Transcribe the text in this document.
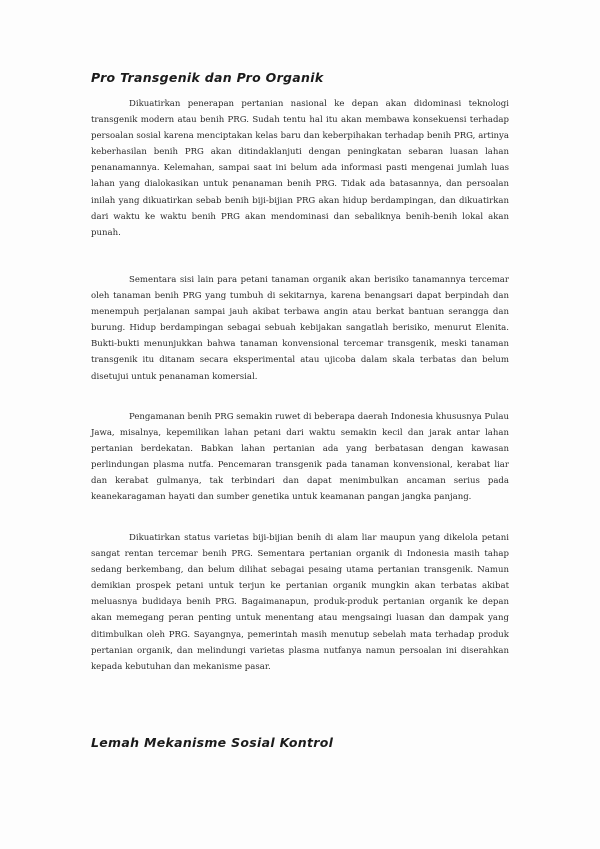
Pro Transgenik dan Pro Organik

Dikuatirkan penerapan pertanian nasional ke depan akan didominasi teknologi transgenik modern atau benih PRG. Sudah tentu hal itu akan membawa konsekuensi terhadap persoalan sosial karena menciptakan kelas baru dan keberpihakan terhadap benih PRG, artinya keberhasilan benih PRG akan ditindaklanjuti dengan peningkatan sebaran luasan lahan penanamannya. Kelemahan, sampai saat ini belum ada informasi pasti mengenai jumlah luas lahan yang dialokasikan untuk penanaman benih PRG. Tidak ada batasannya, dan persoalan inilah yang dikuatirkan sebab benih biji-bijian PRG akan hidup berdampingan, dan dikuatirkan dari waktu ke waktu benih PRG akan mendominasi dan sebaliknya benih-benih lokal akan punah.

Sementara sisi lain para petani tanaman organik akan berisiko tanamannya tercemar oleh tanaman benih PRG yang tumbuh di sekitarnya, karena benangsari dapat berpindah dan menempuh perjalanan sampai jauh akibat terbawa angin atau berkat bantuan serangga dan burung. Hidup berdampingan sebagai sebuah kebijakan sangatlah berisiko, menurut Elenita. Bukti-bukti menunjukkan bahwa tanaman konvensional tercemar transgenik, meski tanaman transgenik itu ditanam secara eksperimental atau ujicoba dalam skala terbatas dan belum disetujui untuk penanaman komersial.

Pengamanan benih PRG semakin ruwet di beberapa daerah Indonesia khususnya Pulau Jawa, misalnya, kepemilikan lahan petani dari waktu semakin kecil dan jarak antar lahan pertanian berdekatan. Babkan lahan pertanian ada yang berbatasan dengan kawasan perlindungan plasma nutfa. Pencemaran transgenik pada tanaman konvensional, kerabat liar dan kerabat gulmanya, tak terbindari dan dapat menimbulkan ancaman serius pada keanekaragaman hayati dan sumber genetika untuk keamanan pangan jangka panjang.

Dikuatirkan status varietas biji-bijian benih di alam liar maupun yang dikelola petani sangat rentan tercemar benih PRG. Sementara pertanian organik di Indonesia masih tahap sedang berkembang, dan belum dilihat sebagai pesaing utama pertanian transgenik. Namun demikian prospek petani untuk terjun ke pertanian organik mungkin akan terbatas akibat meluasnya budidaya benih PRG. Bagaimanapun, produk-produk pertanian organik ke depan akan memegang peran penting untuk menentang atau mengsaingi luasan dan dampak yang ditimbulkan oleh PRG. Sayangnya, pemerintah masih menutup sebelah mata terhadap produk pertanian organik, dan melindungi varietas plasma nutfanya namun persoalan ini diserahkan kepada kebutuhan dan mekanisme pasar.

Lemah Mekanisme Sosial Kontrol
